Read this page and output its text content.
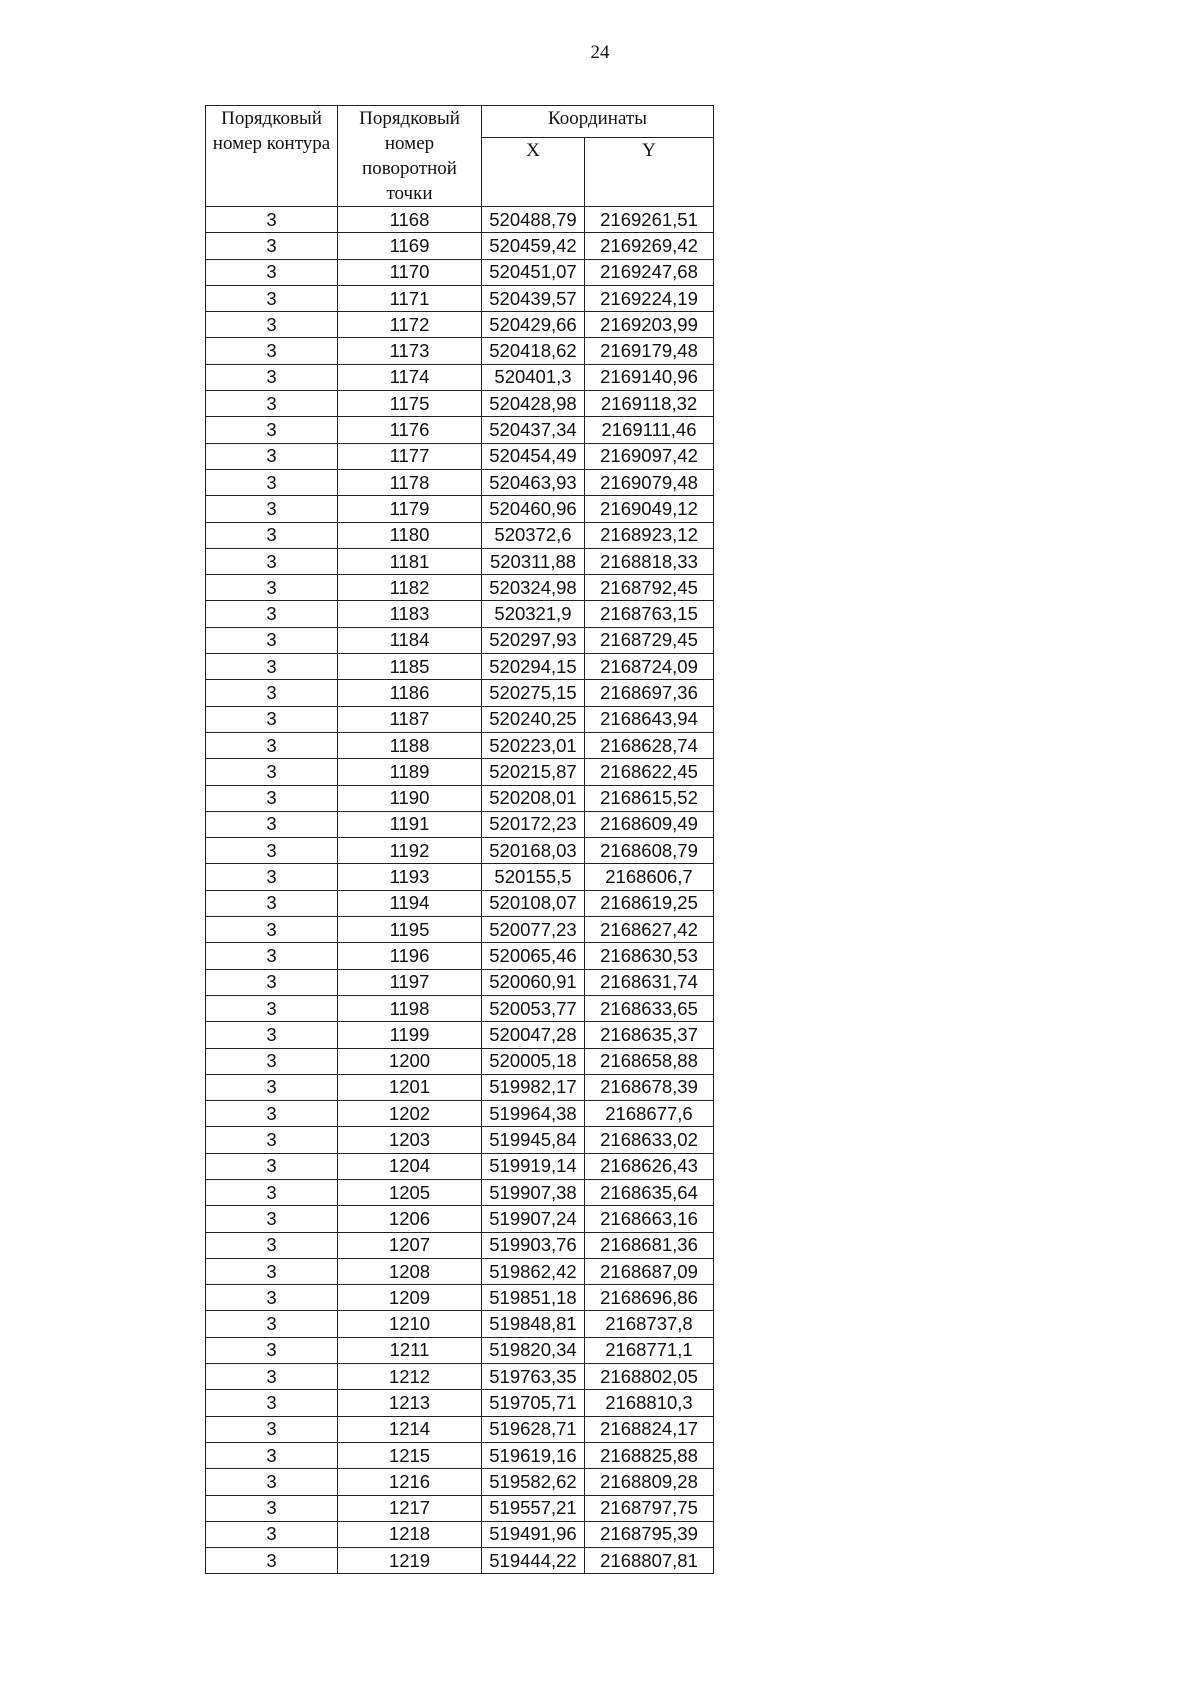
24
Порядковый номер контура	Порядковый номер поворотной точки	Координаты	
		X	Y
3	1168	520488,79	2169261,51
3	1169	520459,42	2169269,42
3	1170	520451,07	2169247,68
3	1171	520439,57	2169224,19
3	1172	520429,66	2169203,99
3	1173	520418,62	2169179,48
3	1174	520401,3	2169140,96
3	1175	520428,98	2169118,32
3	1176	520437,34	2169111,46
3	1177	520454,49	2169097,42
3	1178	520463,93	2169079,48
3	1179	520460,96	2169049,12
3	1180	520372,6	2168923,12
3	1181	520311,88	2168818,33
3	1182	520324,98	2168792,45
3	1183	520321,9	2168763,15
3	1184	520297,93	2168729,45
3	1185	520294,15	2168724,09
3	1186	520275,15	2168697,36
3	1187	520240,25	2168643,94
3	1188	520223,01	2168628,74
3	1189	520215,87	2168622,45
3	1190	520208,01	2168615,52
3	1191	520172,23	2168609,49
3	1192	520168,03	2168608,79
3	1193	520155,5	2168606,7
3	1194	520108,07	2168619,25
3	1195	520077,23	2168627,42
3	1196	520065,46	2168630,53
3	1197	520060,91	2168631,74
3	1198	520053,77	2168633,65
3	1199	520047,28	2168635,37
3	1200	520005,18	2168658,88
3	1201	519982,17	2168678,39
3	1202	519964,38	2168677,6
3	1203	519945,84	2168633,02
3	1204	519919,14	2168626,43
3	1205	519907,38	2168635,64
3	1206	519907,24	2168663,16
3	1207	519903,76	2168681,36
3	1208	519862,42	2168687,09
3	1209	519851,18	2168696,86
3	1210	519848,81	2168737,8
3	1211	519820,34	2168771,1
3	1212	519763,35	2168802,05
3	1213	519705,71	2168810,3
3	1214	519628,71	2168824,17
3	1215	519619,16	2168825,88
3	1216	519582,62	2168809,28
3	1217	519557,21	2168797,75
3	1218	519491,96	2168795,39
3	1219	519444,22	2168807,81
